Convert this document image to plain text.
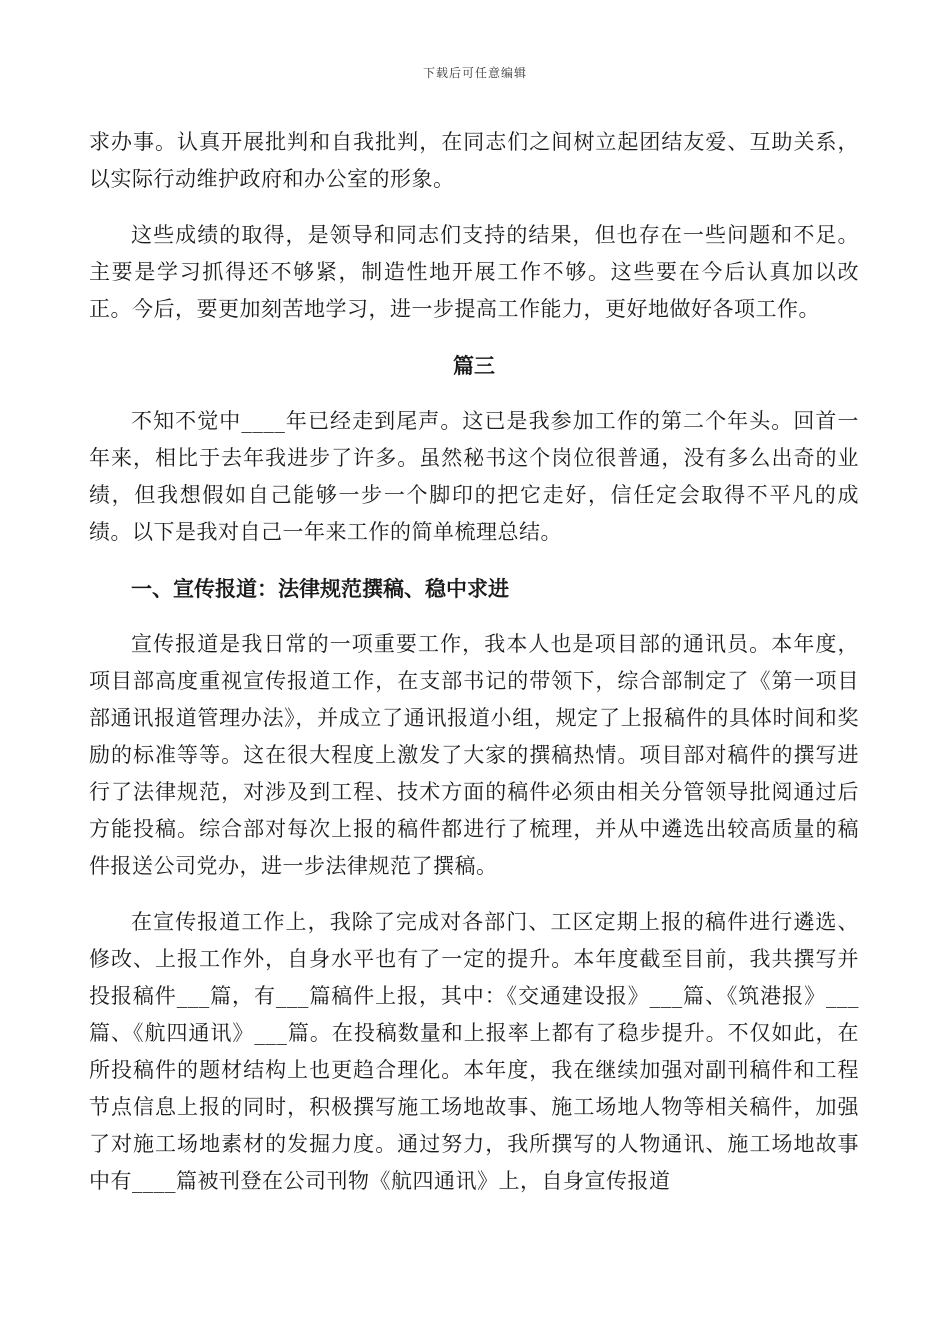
下载后可任意编辑

求办事。认真开展批判和自我批判，在同志们之间树立起团结友爱、互助关系，以实际行动维护政府和办公室的形象。

这些成绩的取得，是领导和同志们支持的结果，但也存在一些问题和不足。主要是学习抓得还不够紧，制造性地开展工作不够。这些要在今后认真加以改正。今后，要更加刻苦地学习，进一步提高工作能力，更好地做好各项工作。

篇三

不知不觉中____年已经走到尾声。这已是我参加工作的第二个年头。回首一年来，相比于去年我进步了许多。虽然秘书这个岗位很普通，没有多么出奇的业绩，但我想假如自己能够一步一个脚印的把它走好，信任定会取得不平凡的成绩。以下是我对自己一年来工作的简单梳理总结。

一、宣传报道：法律规范撰稿、稳中求进

宣传报道是我日常的一项重要工作，我本人也是项目部的通讯员。本年度，项目部高度重视宣传报道工作，在支部书记的带领下，综合部制定了《第一项目部通讯报道管理办法》，并成立了通讯报道小组，规定了上报稿件的具体时间和奖励的标准等等。这在很大程度上激发了大家的撰稿热情。项目部对稿件的撰写进行了法律规范，对涉及到工程、技术方面的稿件必须由相关分管领导批阅通过后方能投稿。综合部对每次上报的稿件都进行了梳理，并从中遴选出较高质量的稿件报送公司党办，进一步法律规范了撰稿。

在宣传报道工作上，我除了完成对各部门、工区定期上报的稿件进行遴选、修改、上报工作外，自身水平也有了一定的提升。本年度截至目前，我共撰写并投报稿件___篇，有___篇稿件上报，其中：《交通建设报》___篇、《筑港报》___篇、《航四通讯》___篇。在投稿数量和上报率上都有了稳步提升。不仅如此，在所投稿件的题材结构上也更趋合理化。本年度，我在继续加强对副刊稿件和工程节点信息上报的同时，积极撰写施工场地故事、施工场地人物等相关稿件，加强了对施工场地素材的发掘力度。通过努力，我所撰写的人物通讯、施工场地故事中有____篇被刊登在公司刊物《航四通讯》上，自身宣传报道
